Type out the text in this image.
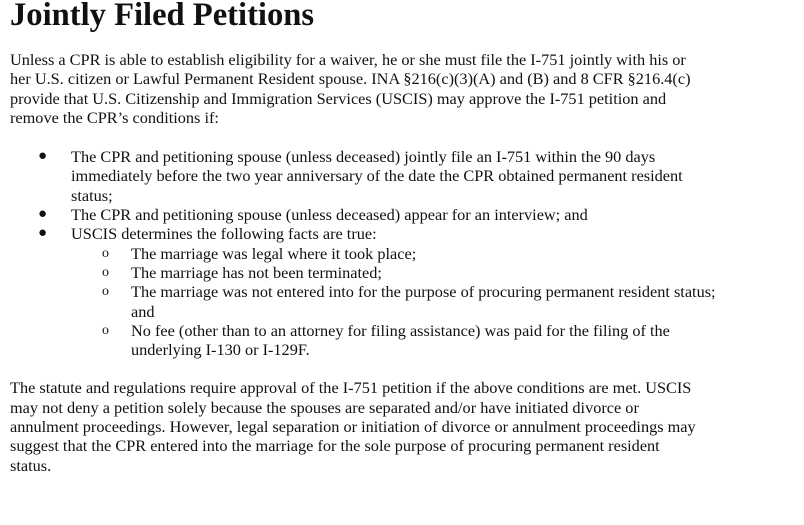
Jointly Filed Petitions

Unless a CPR is able to establish eligibility for a waiver, he or she must file the I-751 jointly with his or
her U.S. citizen or Lawful Permanent Resident spouse. INA §216(c)(3)(A) and (B) and 8 CFR §216.4(c)
provide that U.S. Citizenship and Immigration Services (USCIS) may approve the I-751 petition and
remove the CPR’s conditions if:

● The CPR and petitioning spouse (unless deceased) jointly file an I-751 within the 90 days
immediately before the two year anniversary of the date the CPR obtained permanent resident
status;
● The CPR and petitioning spouse (unless deceased) appear for an interview; and
● USCIS determines the following facts are true:
o The marriage was legal where it took place;
o The marriage has not been terminated;
o The marriage was not entered into for the purpose of procuring permanent resident status;
and
o No fee (other than to an attorney for filing assistance) was paid for the filing of the
underlying I-130 or I-129F.

The statute and regulations require approval of the I-751 petition if the above conditions are met. USCIS
may not deny a petition solely because the spouses are separated and/or have initiated divorce or
annulment proceedings. However, legal separation or initiation of divorce or annulment proceedings may
suggest that the CPR entered into the marriage for the sole purpose of procuring permanent resident
status.
